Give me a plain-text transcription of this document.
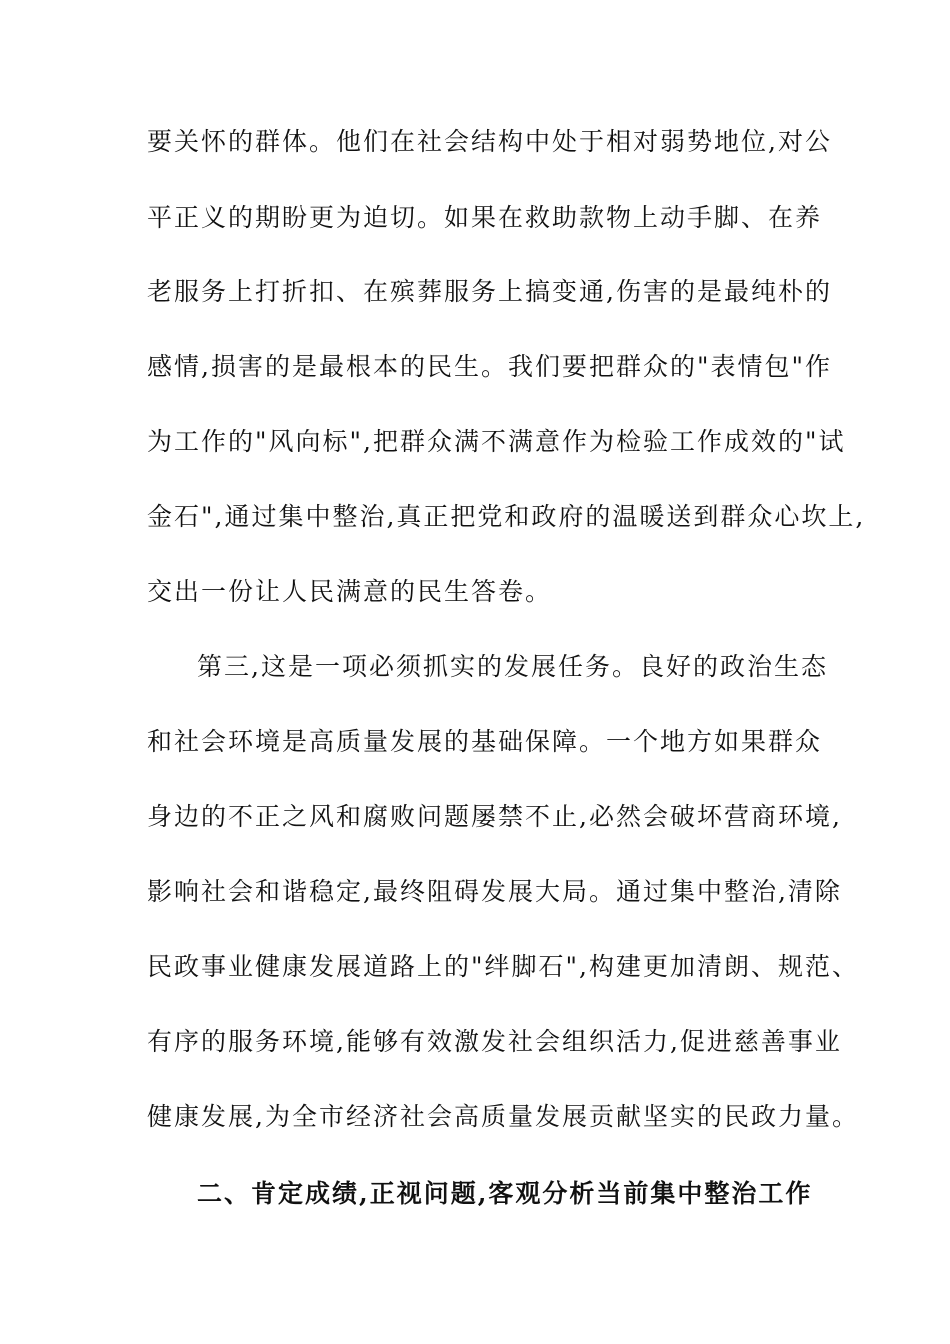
要关怀的群体。他们在社会结构中处于相对弱势地位,对公
平正义的期盼更为迫切。如果在救助款物上动手脚、在养
老服务上打折扣、在殡葬服务上搞变通,伤害的是最纯朴的
感情,损害的是最根本的民生。我们要把群众的"表情包"作
为工作的"风向标",把群众满不满意作为检验工作成效的"试
金石",通过集中整治,真正把党和政府的温暖送到群众心坎上,
交出一份让人民满意的民生答卷。
第三,这是一项必须抓实的发展任务。良好的政治生态
和社会环境是高质量发展的基础保障。一个地方如果群众
身边的不正之风和腐败问题屡禁不止,必然会破坏营商环境,
影响社会和谐稳定,最终阻碍发展大局。通过集中整治,清除
民政事业健康发展道路上的"绊脚石",构建更加清朗、规范、
有序的服务环境,能够有效激发社会组织活力,促进慈善事业
健康发展,为全市经济社会高质量发展贡献坚实的民政力量。
二、肯定成绩,正视问题,客观分析当前集中整治工作
